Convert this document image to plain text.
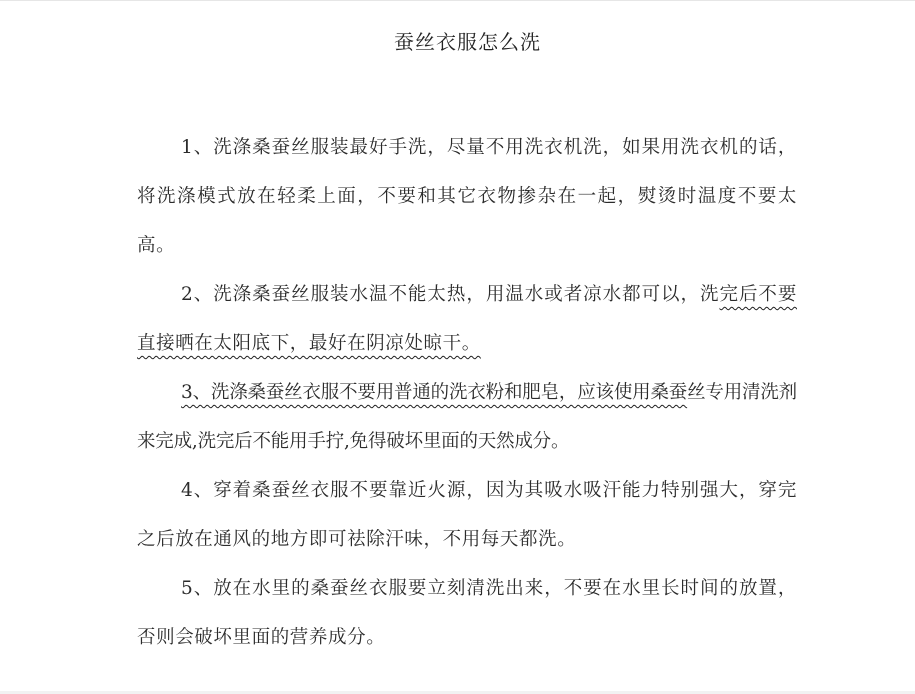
蚕丝衣服怎么洗

1、洗涤桑蚕丝服装最好手洗，尽量不用洗衣机洗，如果用洗衣机的话，将洗涤模式放在轻柔上面，不要和其它衣物掺杂在一起，熨烫时温度不要太高。

2、洗涤桑蚕丝服装水温不能太热，用温水或者凉水都可以，洗完后不要直接晒在太阳底下，最好在阴凉处晾干。

3、洗涤桑蚕丝衣服不要用普通的洗衣粉和肥皂，应该使用桑蚕丝专用清洗剂来完成,洗完后不能用手拧,免得破坏里面的天然成分。

4、穿着桑蚕丝衣服不要靠近火源，因为其吸水吸汗能力特别强大，穿完之后放在通风的地方即可祛除汗味，不用每天都洗。

5、放在水里的桑蚕丝衣服要立刻清洗出来，不要在水里长时间的放置，否则会破坏里面的营养成分。
